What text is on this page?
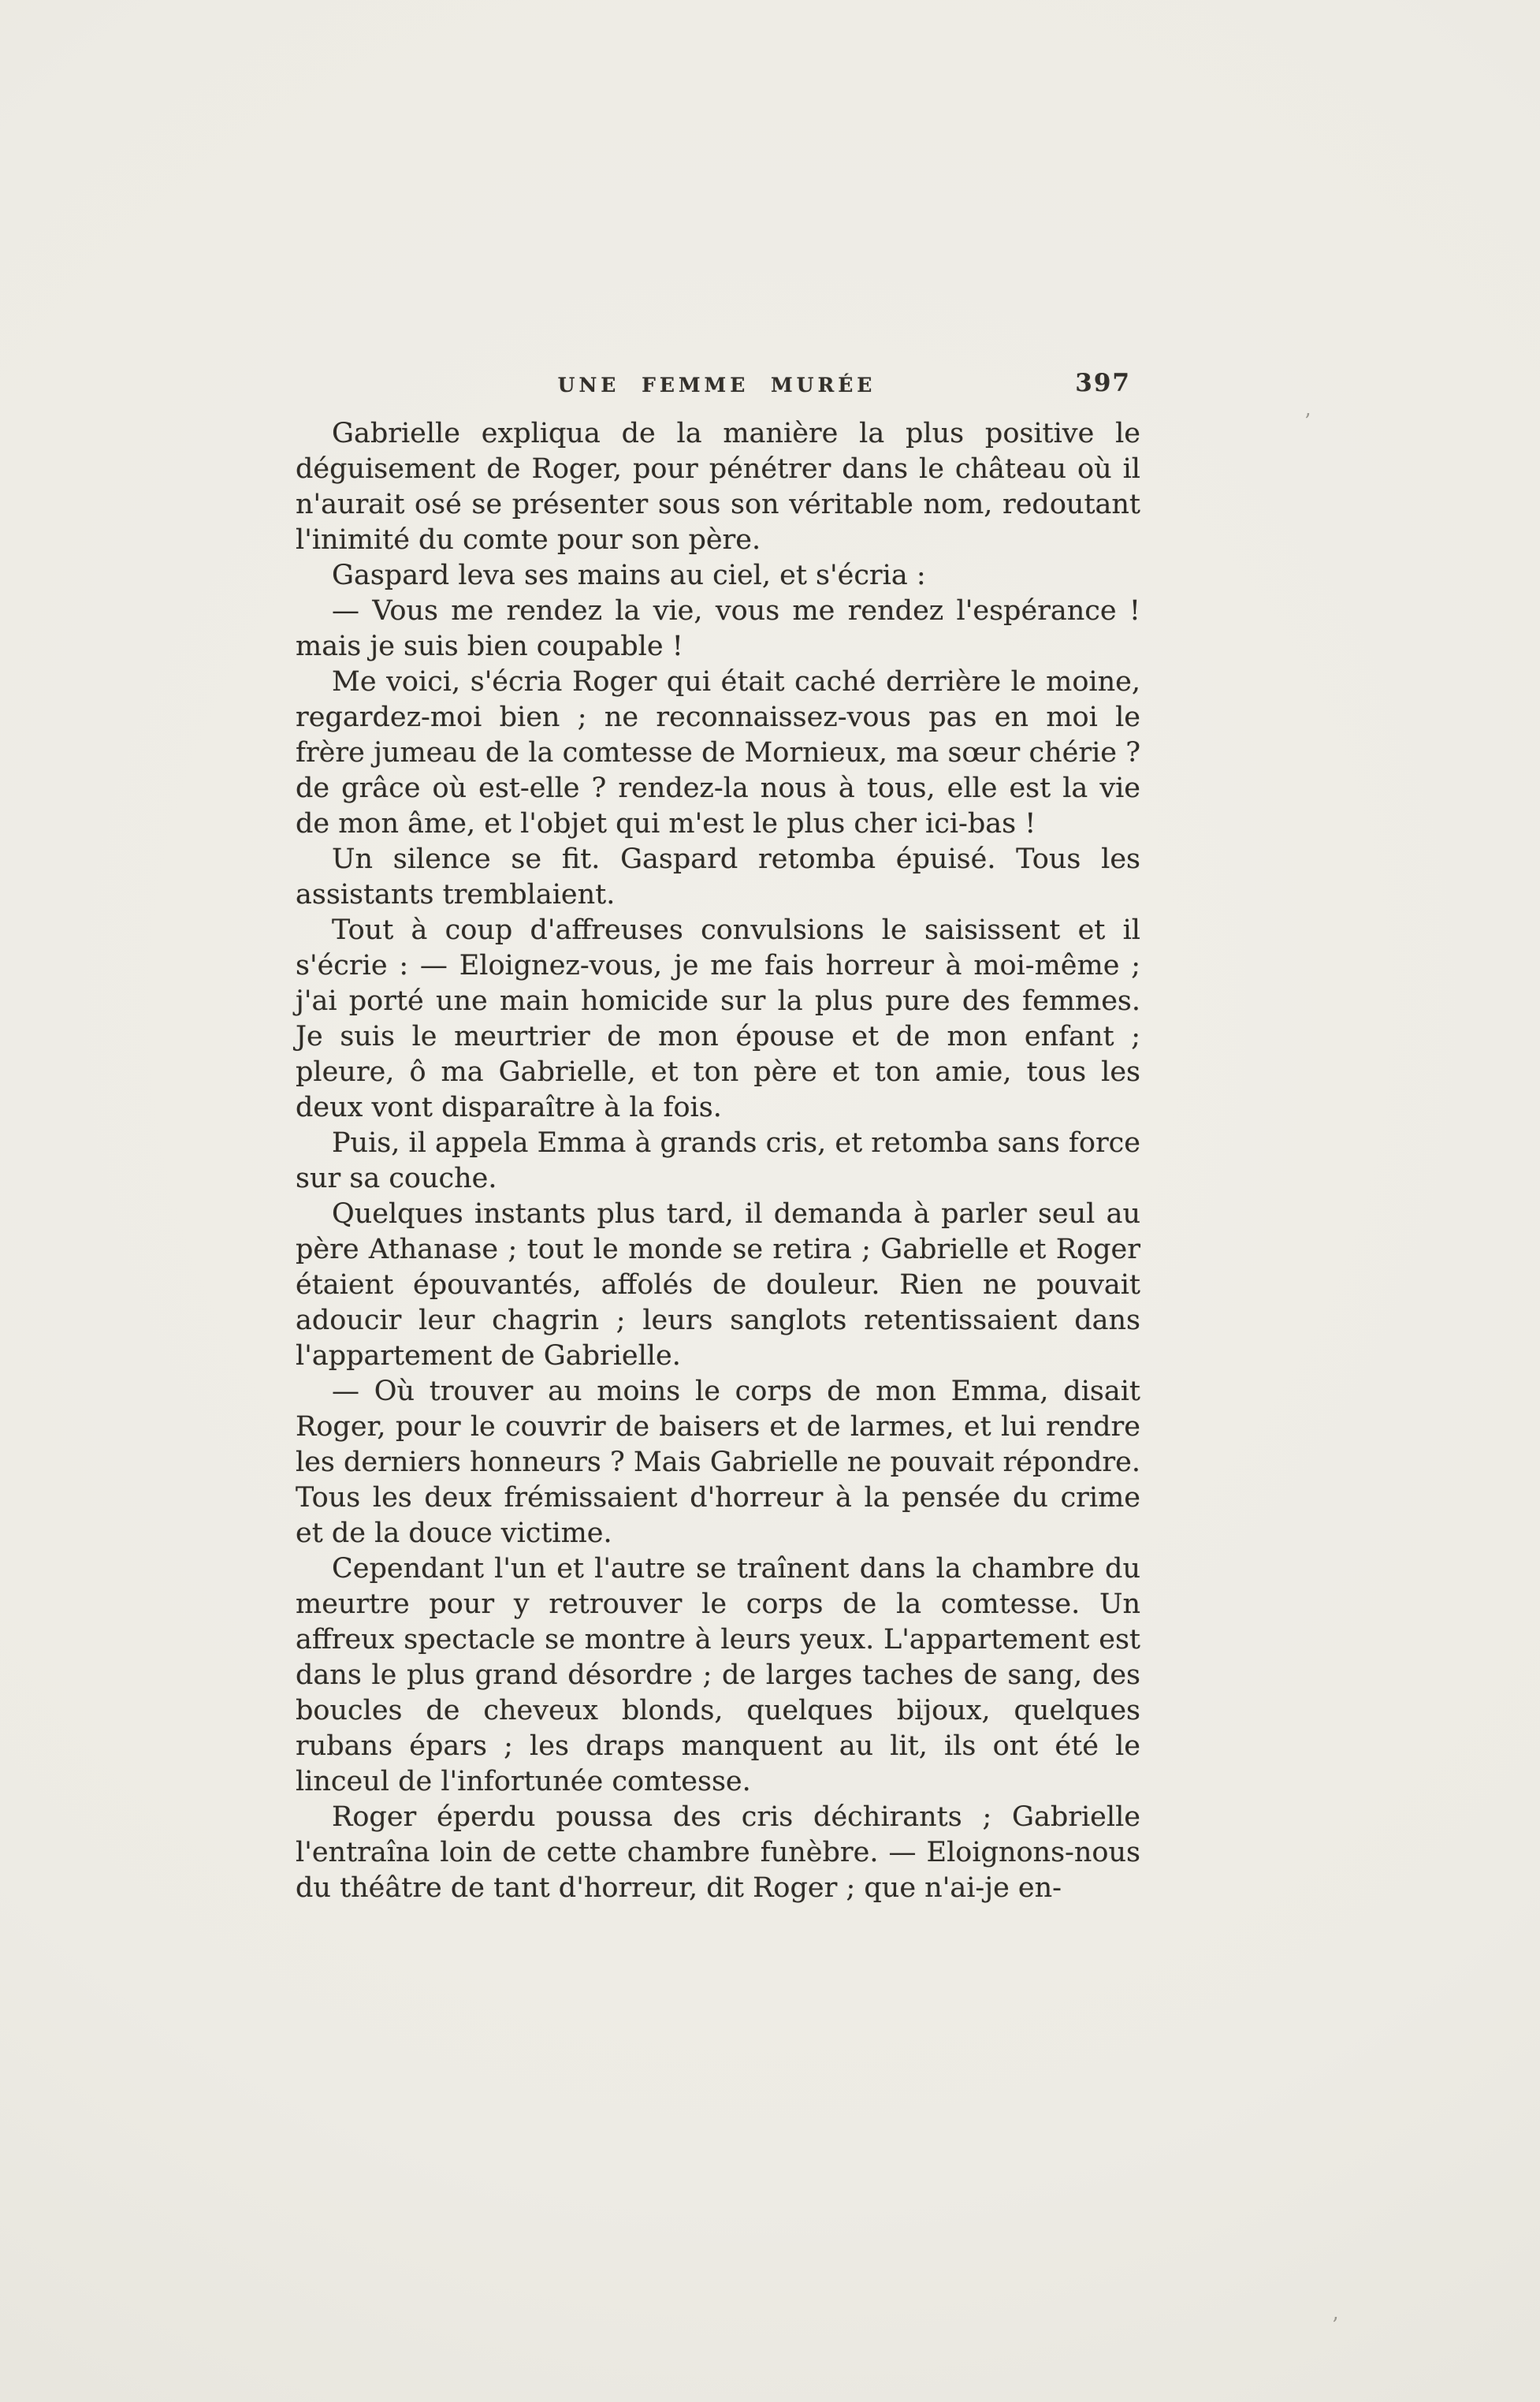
UNE FEMME MURÉE	397

Gabrielle expliqua de la manière la plus positive le déguisement de Roger, pour pénétrer dans le château où il n'aurait osé se présenter sous son véritable nom, redoutant l'inimité du comte pour son père.

Gaspard leva ses mains au ciel, et s'écria :

— Vous me rendez la vie, vous me rendez l'espérance ! mais je suis bien coupable !

Me voici, s'écria Roger qui était caché derrière le moine, regardez-moi bien ; ne reconnaissez-vous pas en moi le frère jumeau de la comtesse de Mornieux, ma sœur chérie ? de grâce où est-elle ? rendez-la nous à tous, elle est la vie de mon âme, et l'objet qui m'est le plus cher ici-bas !

Un silence se fit. Gaspard retomba épuisé. Tous les assistants tremblaient.

Tout à coup d'affreuses convulsions le saisissent et il s'écrie : — Eloignez-vous, je me fais horreur à moi-même ; j'ai porté une main homicide sur la plus pure des femmes. Je suis le meurtrier de mon épouse et de mon enfant ; pleure, ô ma Gabrielle, et ton père et ton amie, tous les deux vont disparaître à la fois.

Puis, il appela Emma à grands cris, et retomba sans force sur sa couche.

Quelques instants plus tard, il demanda à parler seul au père Athanase ; tout le monde se retira ; Gabrielle et Roger étaient épouvantés, affolés de douleur. Rien ne pouvait adoucir leur chagrin ; leurs sanglots retentissaient dans l'appartement de Gabrielle.

— Où trouver au moins le corps de mon Emma, disait Roger, pour le couvrir de baisers et de larmes, et lui rendre les derniers honneurs ? Mais Gabrielle ne pouvait répondre. Tous les deux frémissaient d'horreur à la pensée du crime et de la douce victime.

Cependant l'un et l'autre se traînent dans la chambre du meurtre pour y retrouver le corps de la comtesse. Un affreux spectacle se montre à leurs yeux. L'appartement est dans le plus grand désordre ; de larges taches de sang, des boucles de cheveux blonds, quelques bijoux, quelques rubans épars ; les draps manquent au lit, ils ont été le linceul de l'infortunée comtesse.

Roger éperdu poussa des cris déchirants ; Gabrielle l'entraîna loin de cette chambre funèbre. — Eloignons-nous du théâtre de tant d'horreur, dit Roger ; que n'ai-je en-

’
’
